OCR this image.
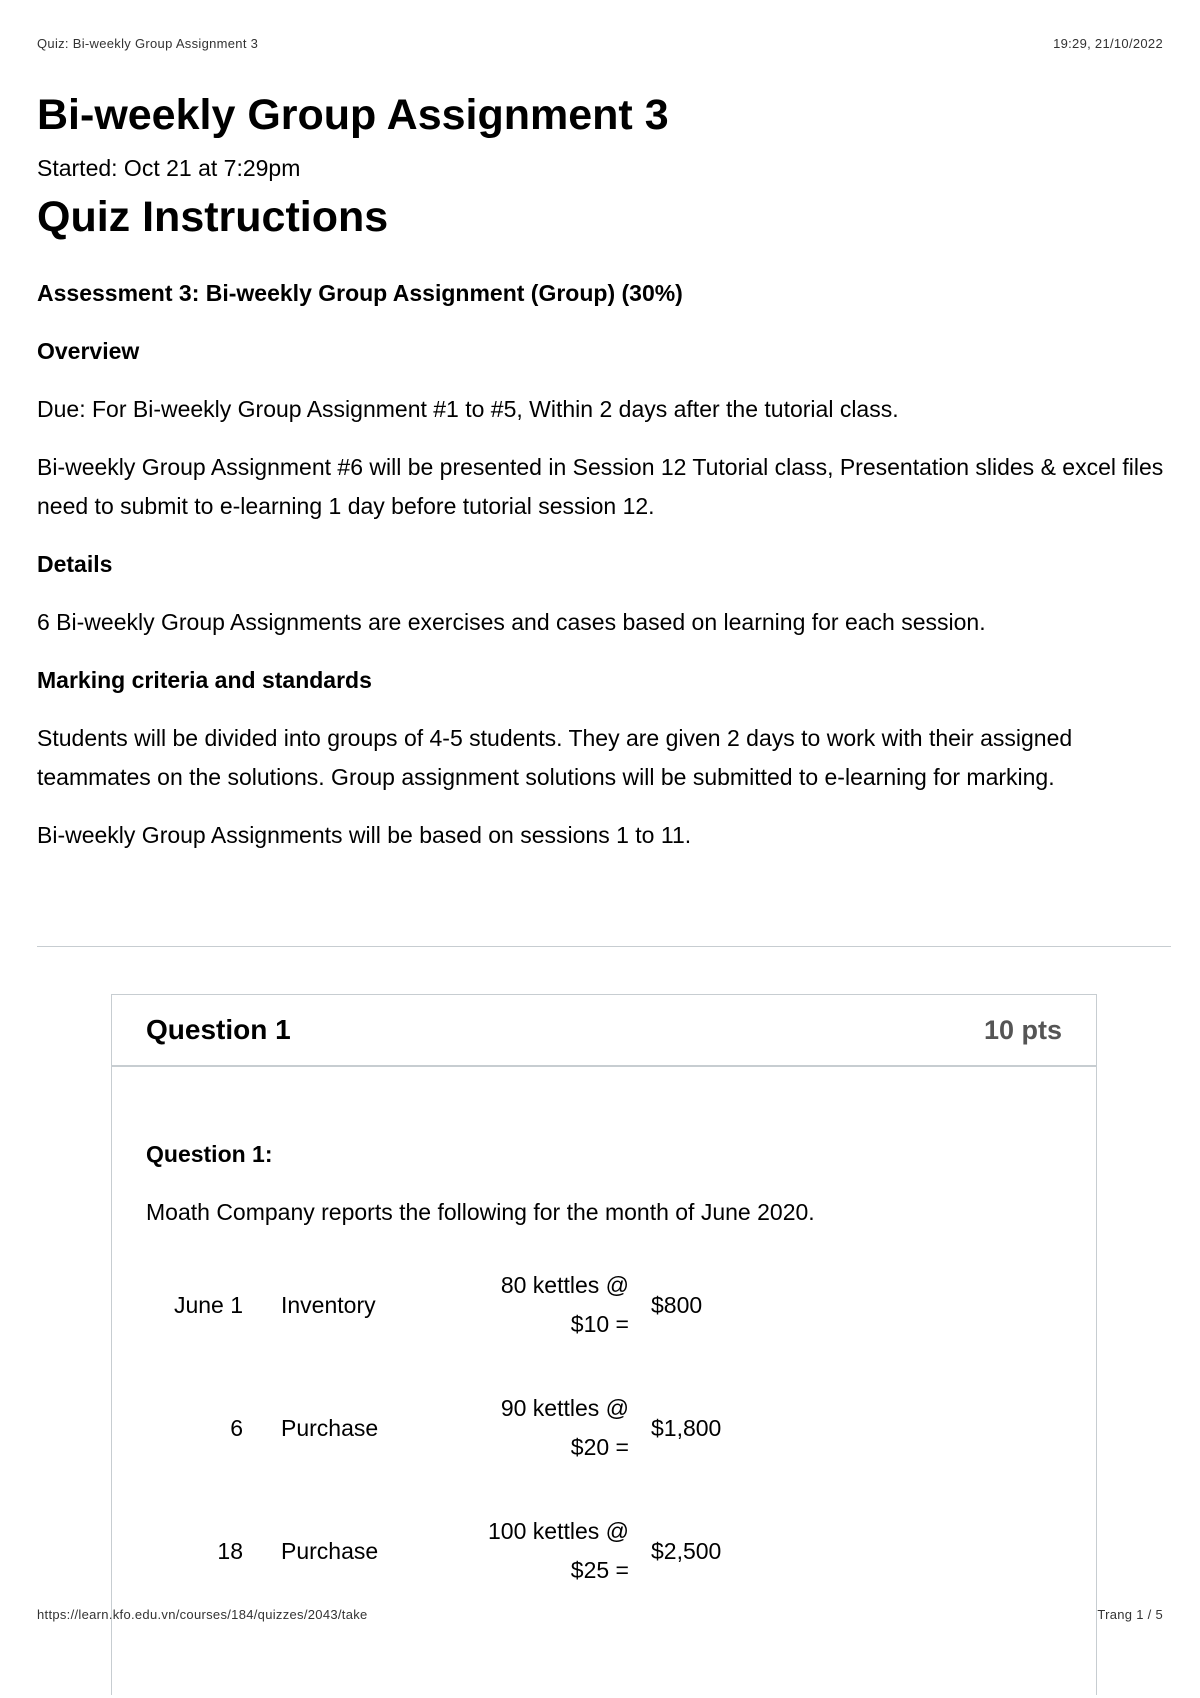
Quiz: Bi-weekly Group Assignment 3	19:29, 21/10/2022
Bi-weekly Group Assignment 3
Started: Oct 21 at 7:29pm
Quiz Instructions

Assessment 3: Bi-weekly Group Assignment (Group) (30%)

Overview

Due: For Bi-weekly Group Assignment #1 to #5, Within 2 days after the tutorial class.

Bi-weekly Group Assignment #6 will be presented in Session 12 Tutorial class, Presentation slides & excel files need to submit to e-learning 1 day before tutorial session 12.

Details

6 Bi-weekly Group Assignments are exercises and cases based on learning for each session.

Marking criteria and standards

Students will be divided into groups of 4-5 students. They are given 2 days to work with their assigned teammates on the solutions. Group assignment solutions will be submitted to e-learning for marking.

Bi-weekly Group Assignments will be based on sessions 1 to 11.

Question 1	10 pts

Question 1:

Moath Company reports the following for the month of June 2020.

June 1	Inventory	80 kettles @
$10 =	$800

6	Purchase	90 kettles @
$20 =	$1,800

18	Purchase	100 kettles @
$25 =	$2,500
https://learn.kfo.edu.vn/courses/184/quizzes/2043/take	Trang 1 / 5
